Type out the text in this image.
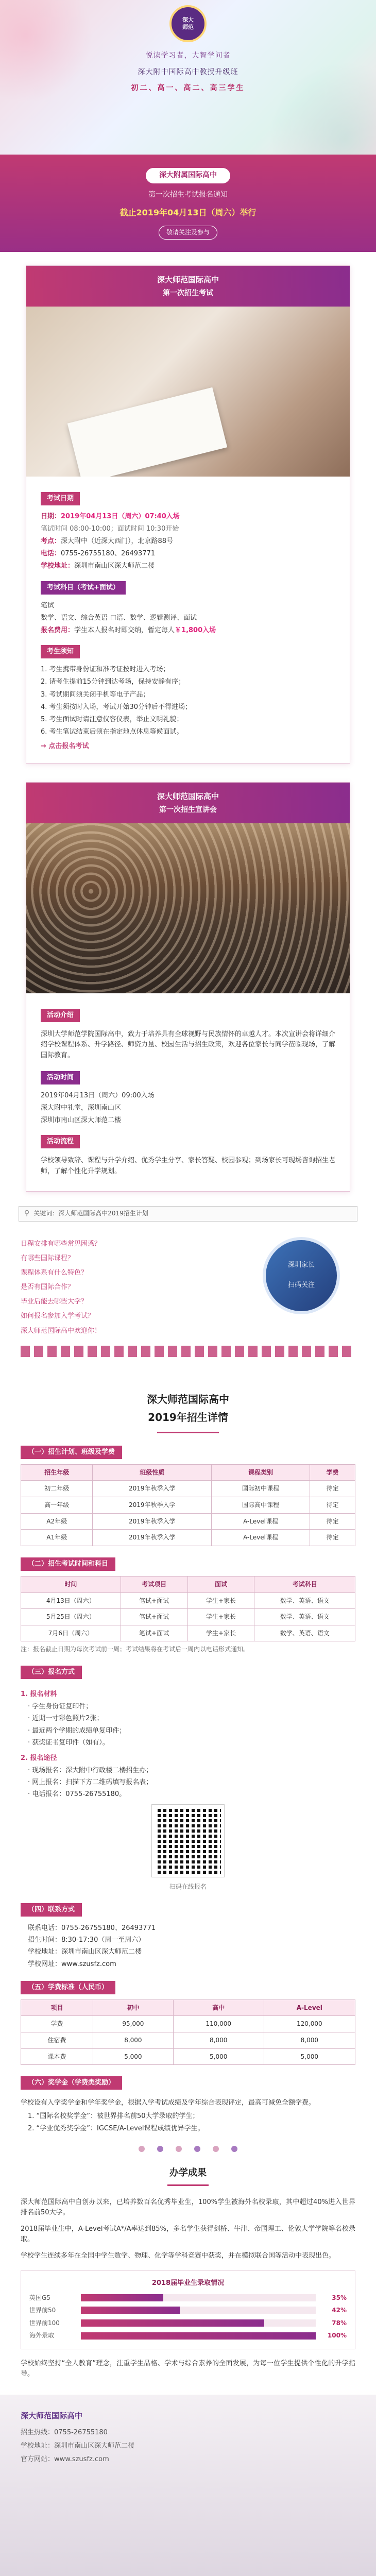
深大
师范
悦读学习者，大智学问者
深大附中国际高中教授升级班
初二、高一、高二、高三学生
深大附属国际高中
第一次招生考试报名通知
截止2019年04月13日（周六）举行
敬请关注及参与
深大师范国际高中
第一次招生考试
考试日期
日期：2019年04月13日（周六）07:40入场
笔试时间 08:00-10:00；面试时间 10:30开始
考点：深大附中（近深大西门），北京路88号
电话：0755-26755180、26493771
学校地址：深圳市南山区深大师范二楼
考试科目（考试+面试）
笔试
数学、语文、综合英语 口语、数学、逻辑测评、面试
报名费用：学生本人报名时即交纳，暂定每人￥1,800入场
考生须知
1. 考生携带身份证和准考证按时进入考场；
2. 请考生提前15分钟到达考场，保持安静有序；
3. 考试期间须关闭手机等电子产品；
4. 考生须按时入场，考试开始30分钟后不得进场；
5. 考生面试时请注意仪容仪表，举止文明礼貌；
6. 考生笔试结束后须在指定地点休息等候面试。
→ 点击报名考试
深大师范国际高中
第一次招生宣讲会
活动介绍
深圳大学师范学院国际高中，致力于培养具有全球视野与民族情怀的卓越人才。本次宣讲会将详细介绍学校课程体系、升学路径、师资力量、校园生活与招生政策，欢迎各位家长与同学莅临现场，了解国际教育。
活动时间
2019年04月13日（周六）09:00入场
深大附中礼堂，深圳南山区
深圳市南山区深大师范二楼
活动流程
学校领导致辞、课程与升学介绍、优秀学生分享、家长答疑、校园参观；到场家长可现场咨询招生老师，了解个性化升学规划。
⚲ 关键词：深大师范国际高中2019招生计划
日程安排有哪些常见困惑？
有哪些国际课程？
课程体系有什么特色？
是否有国际合作？
毕业后能去哪些大学？
如何报名参加入学考试？
深大师范国际高中欢迎你！
深圳家长

扫码关注
深大师范国际高中
2019年招生详情
（一）招生计划、班级及学费
招生年级	班级性质	课程类别	学费
初二年级	2019年秋季入学	国际初中课程	待定
高一年级	2019年秋季入学	国际高中课程	待定
A2年级	2019年秋季入学	A-Level课程	待定
A1年级	2019年秋季入学	A-Level课程	待定
（二）招生考试时间和科目
时间	考试项目	面试	考试科目
4月13日（周六）	笔试+面试	学生+家长	数学、英语、语文
5月25日（周六）	笔试+面试	学生+家长	数学、英语、语文
7月6日（周六）	笔试+面试	学生+家长	数学、英语、语文
注：报名截止日期为每次考试前一周；考试结果将在考试后一周内以电话形式通知。
（三）报名方式
1. 报名材料
· 学生身份证复印件；
· 近期一寸彩色照片2张；
· 最近两个学期的成绩单复印件；
· 获奖证书复印件（如有）。
2. 报名途径
· 现场报名：深大附中行政楼二楼招生办；
· 网上报名：扫描下方二维码填写报名表；
· 电话报名：0755-26755180。
扫码在线报名
（四）联系方式
联系电话：0755-26755180、26493771
招生时间：8:30-17:30（周一至周六）
学校地址：深圳市南山区深大师范二楼
学校网址：www.szusfz.com
（五）学费标准（人民币）
项目	初中	高中	A-Level
学费	95,000	110,000	120,000
住宿费	8,000	8,000	8,000
课本费	5,000	5,000	5,000
（六）奖学金（学费类奖励）
学校设有入学奖学金和学年奖学金，根据入学考试成绩及学年综合表现评定，最高可减免全额学费。
1. “国际名校奖学金”：被世界排名前50大学录取的学生；
2. “学业优秀奖学金”：IGCSE/A-Level课程成绩优异学生。
办学成果
深大师范国际高中自创办以来，已培养数百名优秀毕业生，100%学生被海外名校录取，其中超过40%进入世界排名前50大学。
2018届毕业生中，A-Level考试A*/A率达到85%，多名学生获得剑桥、牛津、帝国理工、伦敦大学学院等名校录取。
学校学生连续多年在全国中学生数学、物理、化学等学科竞赛中获奖，并在模拟联合国等活动中表现出色。
2018届毕业生录取情况
英国G5	35%
世界前50	42%
世界前100	78%
海外录取	100%
学校始终坚持“全人教育”理念，注重学生品格、学术与综合素养的全面发展，为每一位学生提供个性化的升学指导。
深大师范国际高中
招生热线：0755-26755180
学校地址：深圳市南山区深大师范二楼
官方网站：www.szusfz.com
